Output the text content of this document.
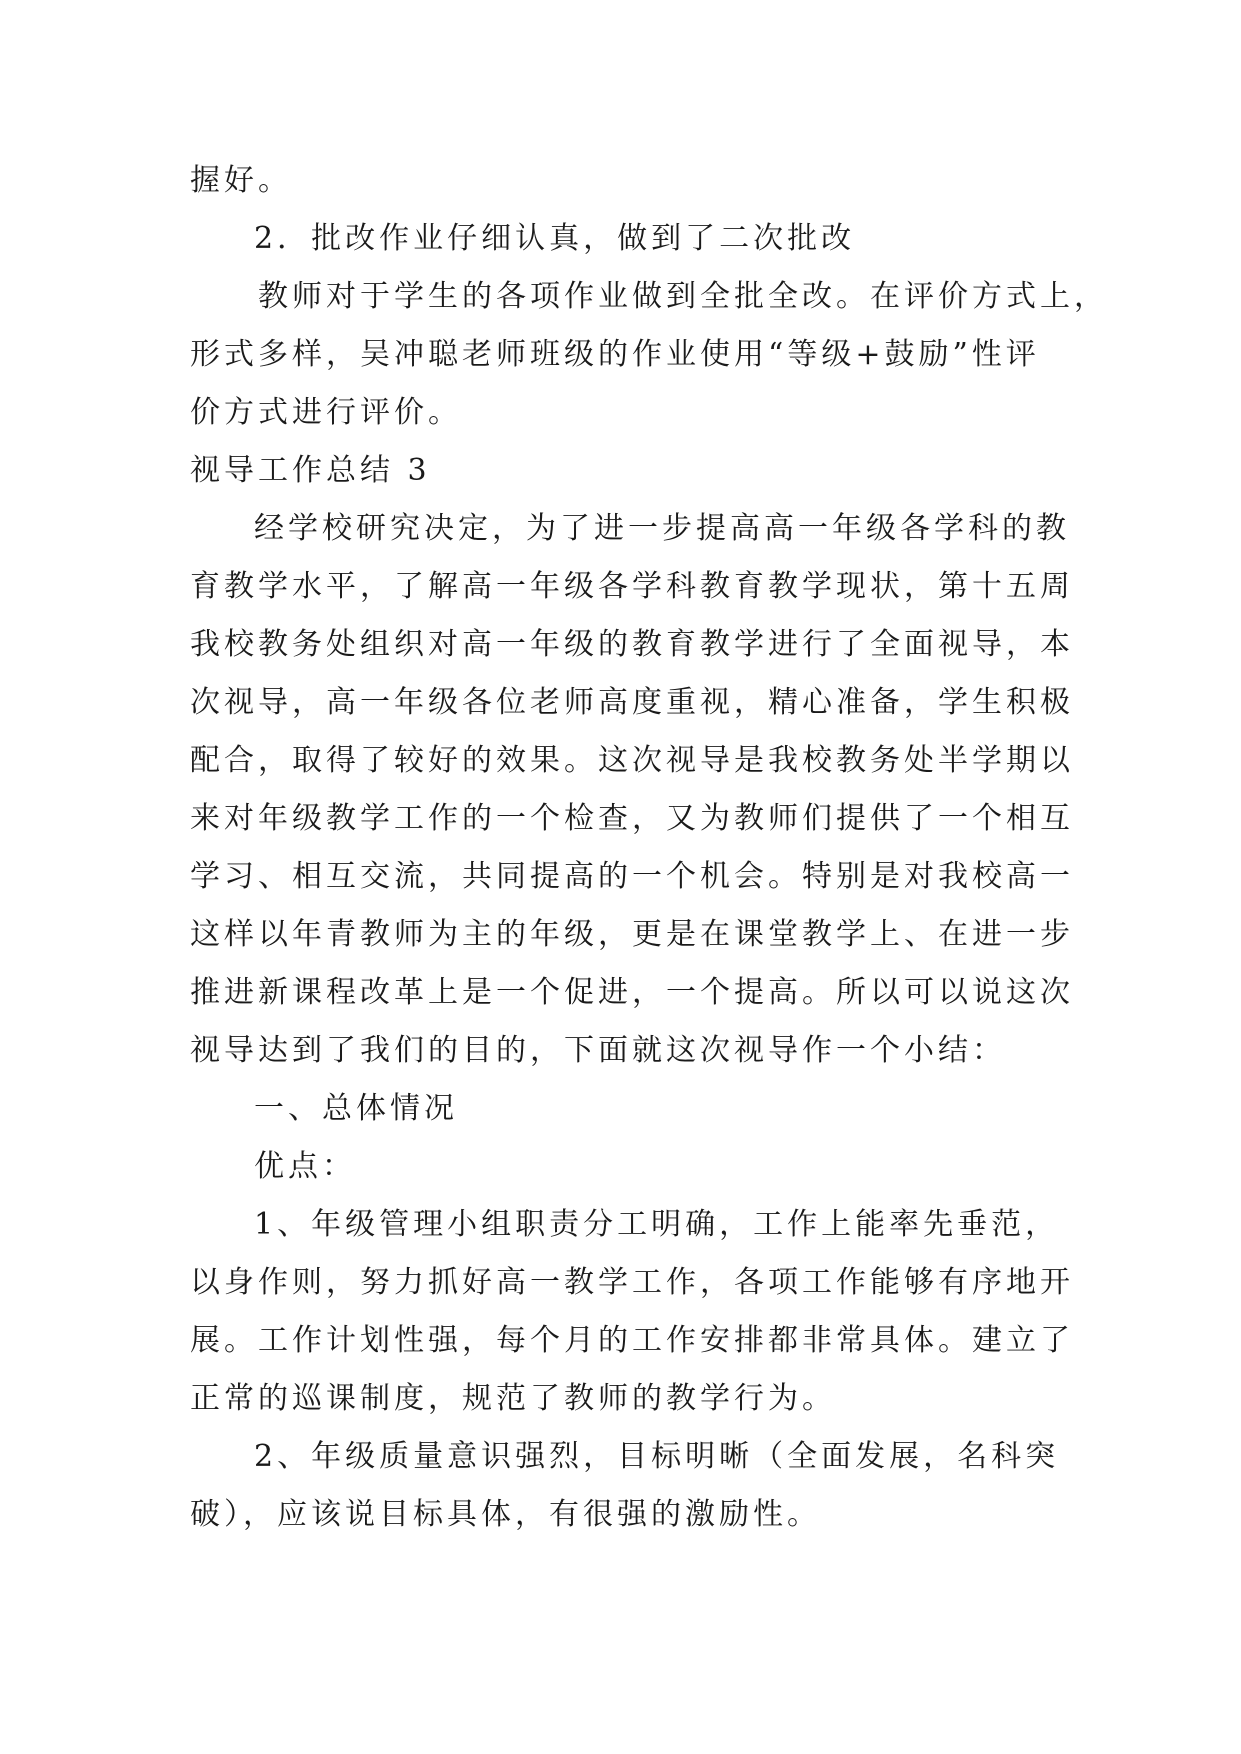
握好。
2．批改作业仔细认真，做到了二次批改
教师对于学生的各项作业做到全批全改。在评价方式上，
形式多样，吴冲聪老师班级的作业使用“等级+鼓励”性评
价方式进行评价。
视导工作总结 3
经学校研究决定，为了进一步提高高一年级各学科的教
育教学水平，了解高一年级各学科教育教学现状，第十五周
我校教务处组织对高一年级的教育教学进行了全面视导，本
次视导，高一年级各位老师高度重视，精心准备，学生积极
配合，取得了较好的效果。这次视导是我校教务处半学期以
来对年级教学工作的一个检查，又为教师们提供了一个相互
学习、相互交流，共同提高的一个机会。特别是对我校高一
这样以年青教师为主的年级，更是在课堂教学上、在进一步
推进新课程改革上是一个促进，一个提高。所以可以说这次
视导达到了我们的目的，下面就这次视导作一个小结：
一、总体情况
优点：
1、年级管理小组职责分工明确，工作上能率先垂范，
以身作则，努力抓好高一教学工作，各项工作能够有序地开
展。工作计划性强，每个月的工作安排都非常具体。建立了
正常的巡课制度，规范了教师的教学行为。
2、年级质量意识强烈，目标明晰（全面发展，名科突
破），应该说目标具体，有很强的激励性。
